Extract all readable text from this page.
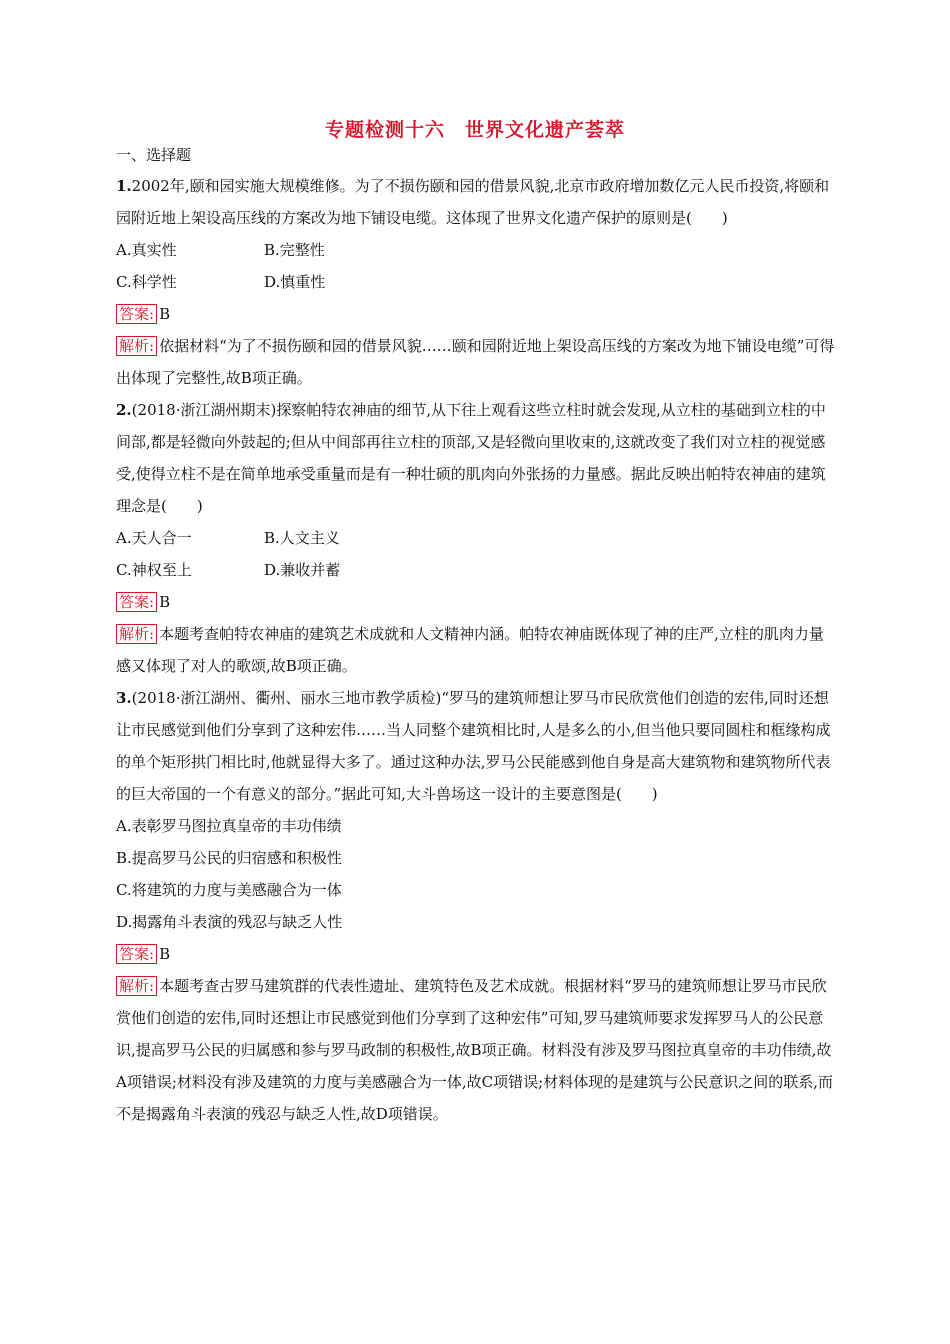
专题检测十六　世界文化遗产荟萃
一、选择题

1.2002年,颐和园实施大规模维修。为了不损伤颐和园的借景风貌,北京市政府增加数亿元人民币投资,将颐和园附近地上架设高压线的方案改为地下铺设电缆。这体现了世界文化遗产保护的原则是(　　)

A.真实性	B.完整性
C.科学性	D.慎重性

答案: B

解析: 依据材料“为了不损伤颐和园的借景风貌……颐和园附近地上架设高压线的方案改为地下铺设电缆”可得出体现了完整性,故B项正确。

2.(2018·浙江湖州期末)探察帕特农神庙的细节,从下往上观看这些立柱时就会发现,从立柱的基础到立柱的中间部,都是轻微向外鼓起的;但从中间部再往立柱的顶部,又是轻微向里收束的,这就改变了我们对立柱的视觉感受,使得立柱不是在简单地承受重量而是有一种壮硕的肌肉向外张扬的力量感。据此反映出帕特农神庙的建筑理念是(　　)

A.天人合一	B.人文主义
C.神权至上	D.兼收并蓄

答案: B

解析: 本题考查帕特农神庙的建筑艺术成就和人文精神内涵。帕特农神庙既体现了神的庄严,立柱的肌肉力量感又体现了对人的歌颂,故B项正确。

3.(2018·浙江湖州、衢州、丽水三地市教学质检)“罗马的建筑师想让罗马市民欣赏他们创造的宏伟,同时还想让市民感觉到他们分享到了这种宏伟……当人同整个建筑相比时,人是多么的小,但当他只要同圆柱和框缘构成的单个矩形拱门相比时,他就显得大多了。通过这种办法,罗马公民能感到他自身是高大建筑物和建筑物所代表的巨大帝国的一个有意义的部分。”据此可知,大斗兽场这一设计的主要意图是(　　)

A.表彰罗马图拉真皇帝的丰功伟绩
B.提高罗马公民的归宿感和积极性
C.将建筑的力度与美感融合为一体
D.揭露角斗表演的残忍与缺乏人性

答案: B

解析: 本题考查古罗马建筑群的代表性遗址、建筑特色及艺术成就。根据材料“罗马的建筑师想让罗马市民欣赏他们创造的宏伟,同时还想让市民感觉到他们分享到了这种宏伟”可知,罗马建筑师要求发挥罗马人的公民意识,提高罗马公民的归属感和参与罗马政制的积极性,故B项正确。材料没有涉及罗马图拉真皇帝的丰功伟绩,故A项错误;材料没有涉及建筑的力度与美感融合为一体,故C项错误;材料体现的是建筑与公民意识之间的联系,而不是揭露角斗表演的残忍与缺乏人性,故D项错误。
